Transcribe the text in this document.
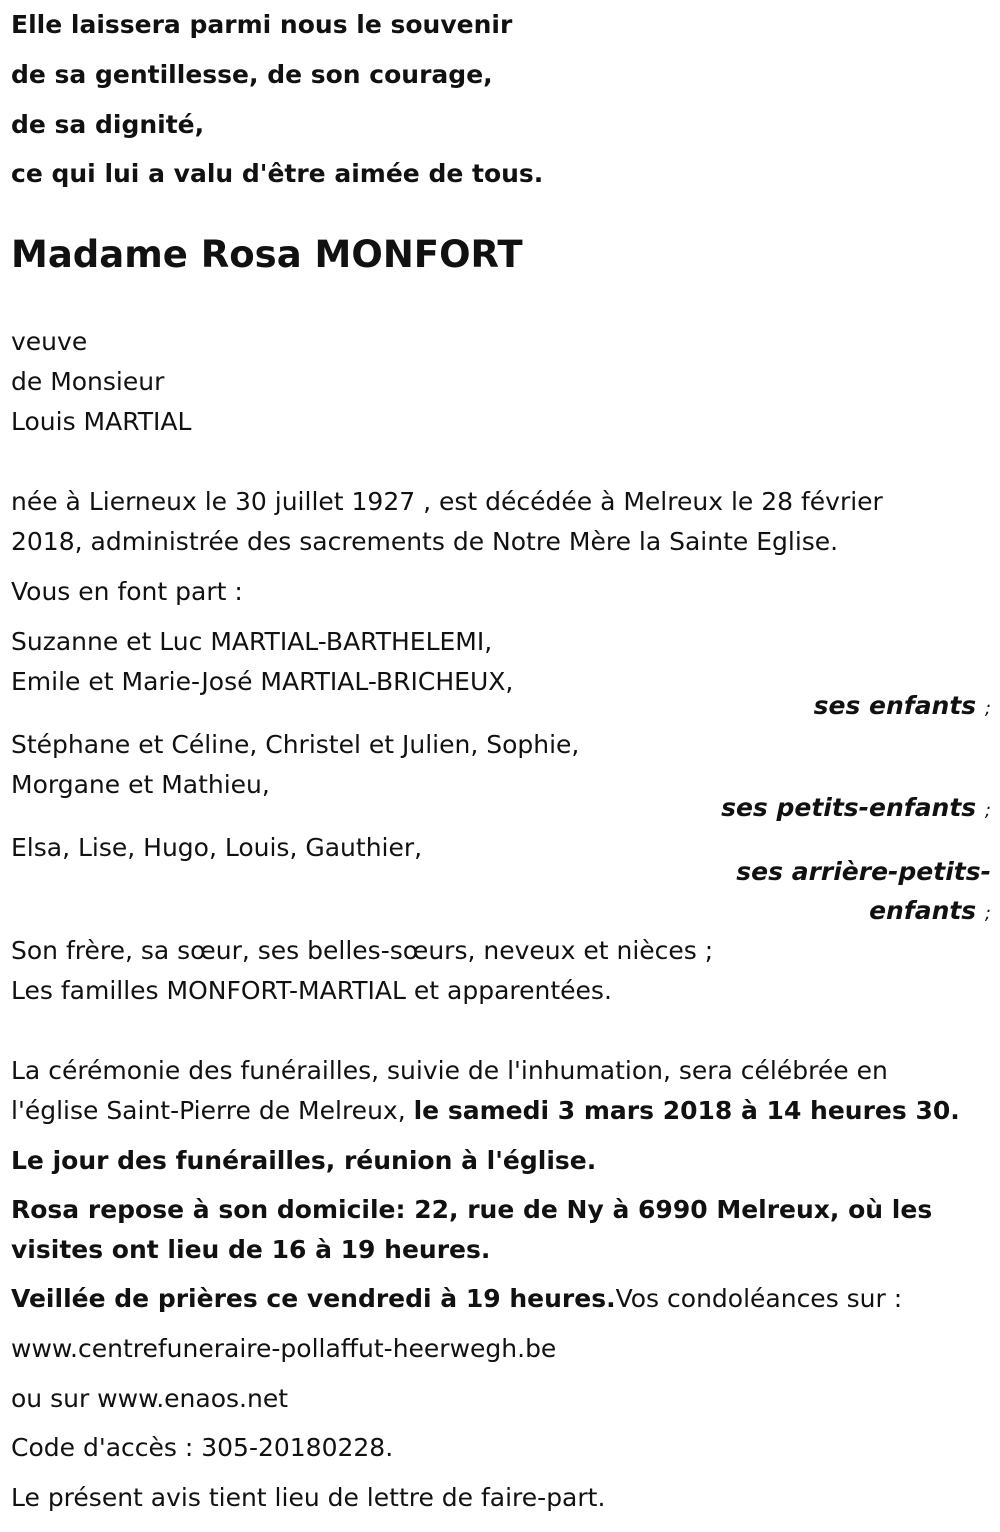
Elle laissera parmi nous le souvenir
de sa gentillesse, de son courage,
de sa dignité,
ce qui lui a valu d'être aimée de tous.
Madame Rosa MONFORT
veuve
de Monsieur
Louis MARTIAL
née à Lierneux le 30 juillet 1927 , est décédée à Melreux le 28 février
2018, administrée des sacrements de Notre Mère la Sainte Eglise.
Vous en font part :
Suzanne et Luc MARTIAL-BARTHELEMI,
Emile et Marie-José MARTIAL-BRICHEUX,
ses enfants ;
Stéphane et Céline, Christel et Julien, Sophie,
Morgane et Mathieu,
ses petits-enfants ;
Elsa, Lise, Hugo, Louis, Gauthier,
ses arrière-petits-
enfants ;
Son frère, sa sœur, ses belles-sœurs, neveux et nièces ;
Les familles MONFORT-MARTIAL et apparentées.
La cérémonie des funérailles, suivie de l'inhumation, sera célébrée en
l'église Saint-Pierre de Melreux, le samedi 3 mars 2018 à 14 heures 30.
Le jour des funérailles, réunion à l'église.
Rosa repose à son domicile: 22, rue de Ny à 6990 Melreux, où les
visites ont lieu de 16 à 19 heures.
Veillée de prières ce vendredi à 19 heures.Vos condoléances sur :
www.centrefuneraire-pollaffut-heerwegh.be
ou sur www.enaos.net
Code d'accès : 305-20180228.
Le présent avis tient lieu de lettre de faire-part.
